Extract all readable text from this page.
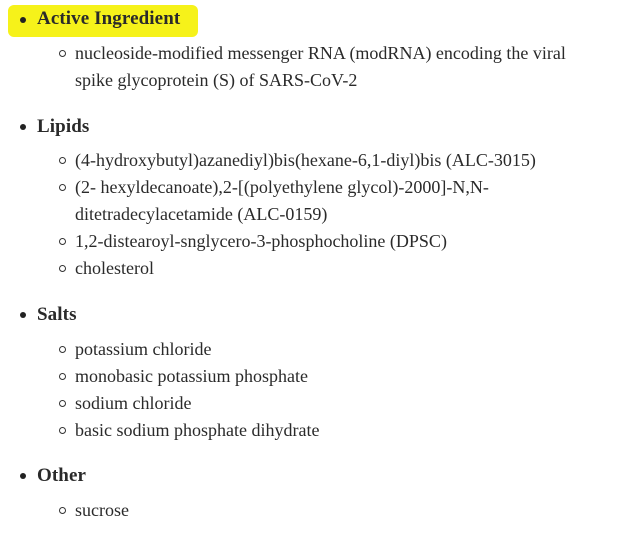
Active Ingredient
nucleoside-modified messenger RNA (modRNA) encoding the viral spike glycoprotein (S) of SARS-CoV-2
Lipids
(4-hydroxybutyl)azanediyl)bis(hexane-6,1-diyl)bis (ALC-3015)
(2- hexyldecanoate),2-[(polyethylene glycol)-2000]-N,N-ditetradecylacetamide (ALC-0159)
1,2-distearoyl-snglycero-3-phosphocholine (DPSC)
cholesterol
Salts
potassium chloride
monobasic potassium phosphate
sodium chloride
basic sodium phosphate dihydrate
Other
sucrose
